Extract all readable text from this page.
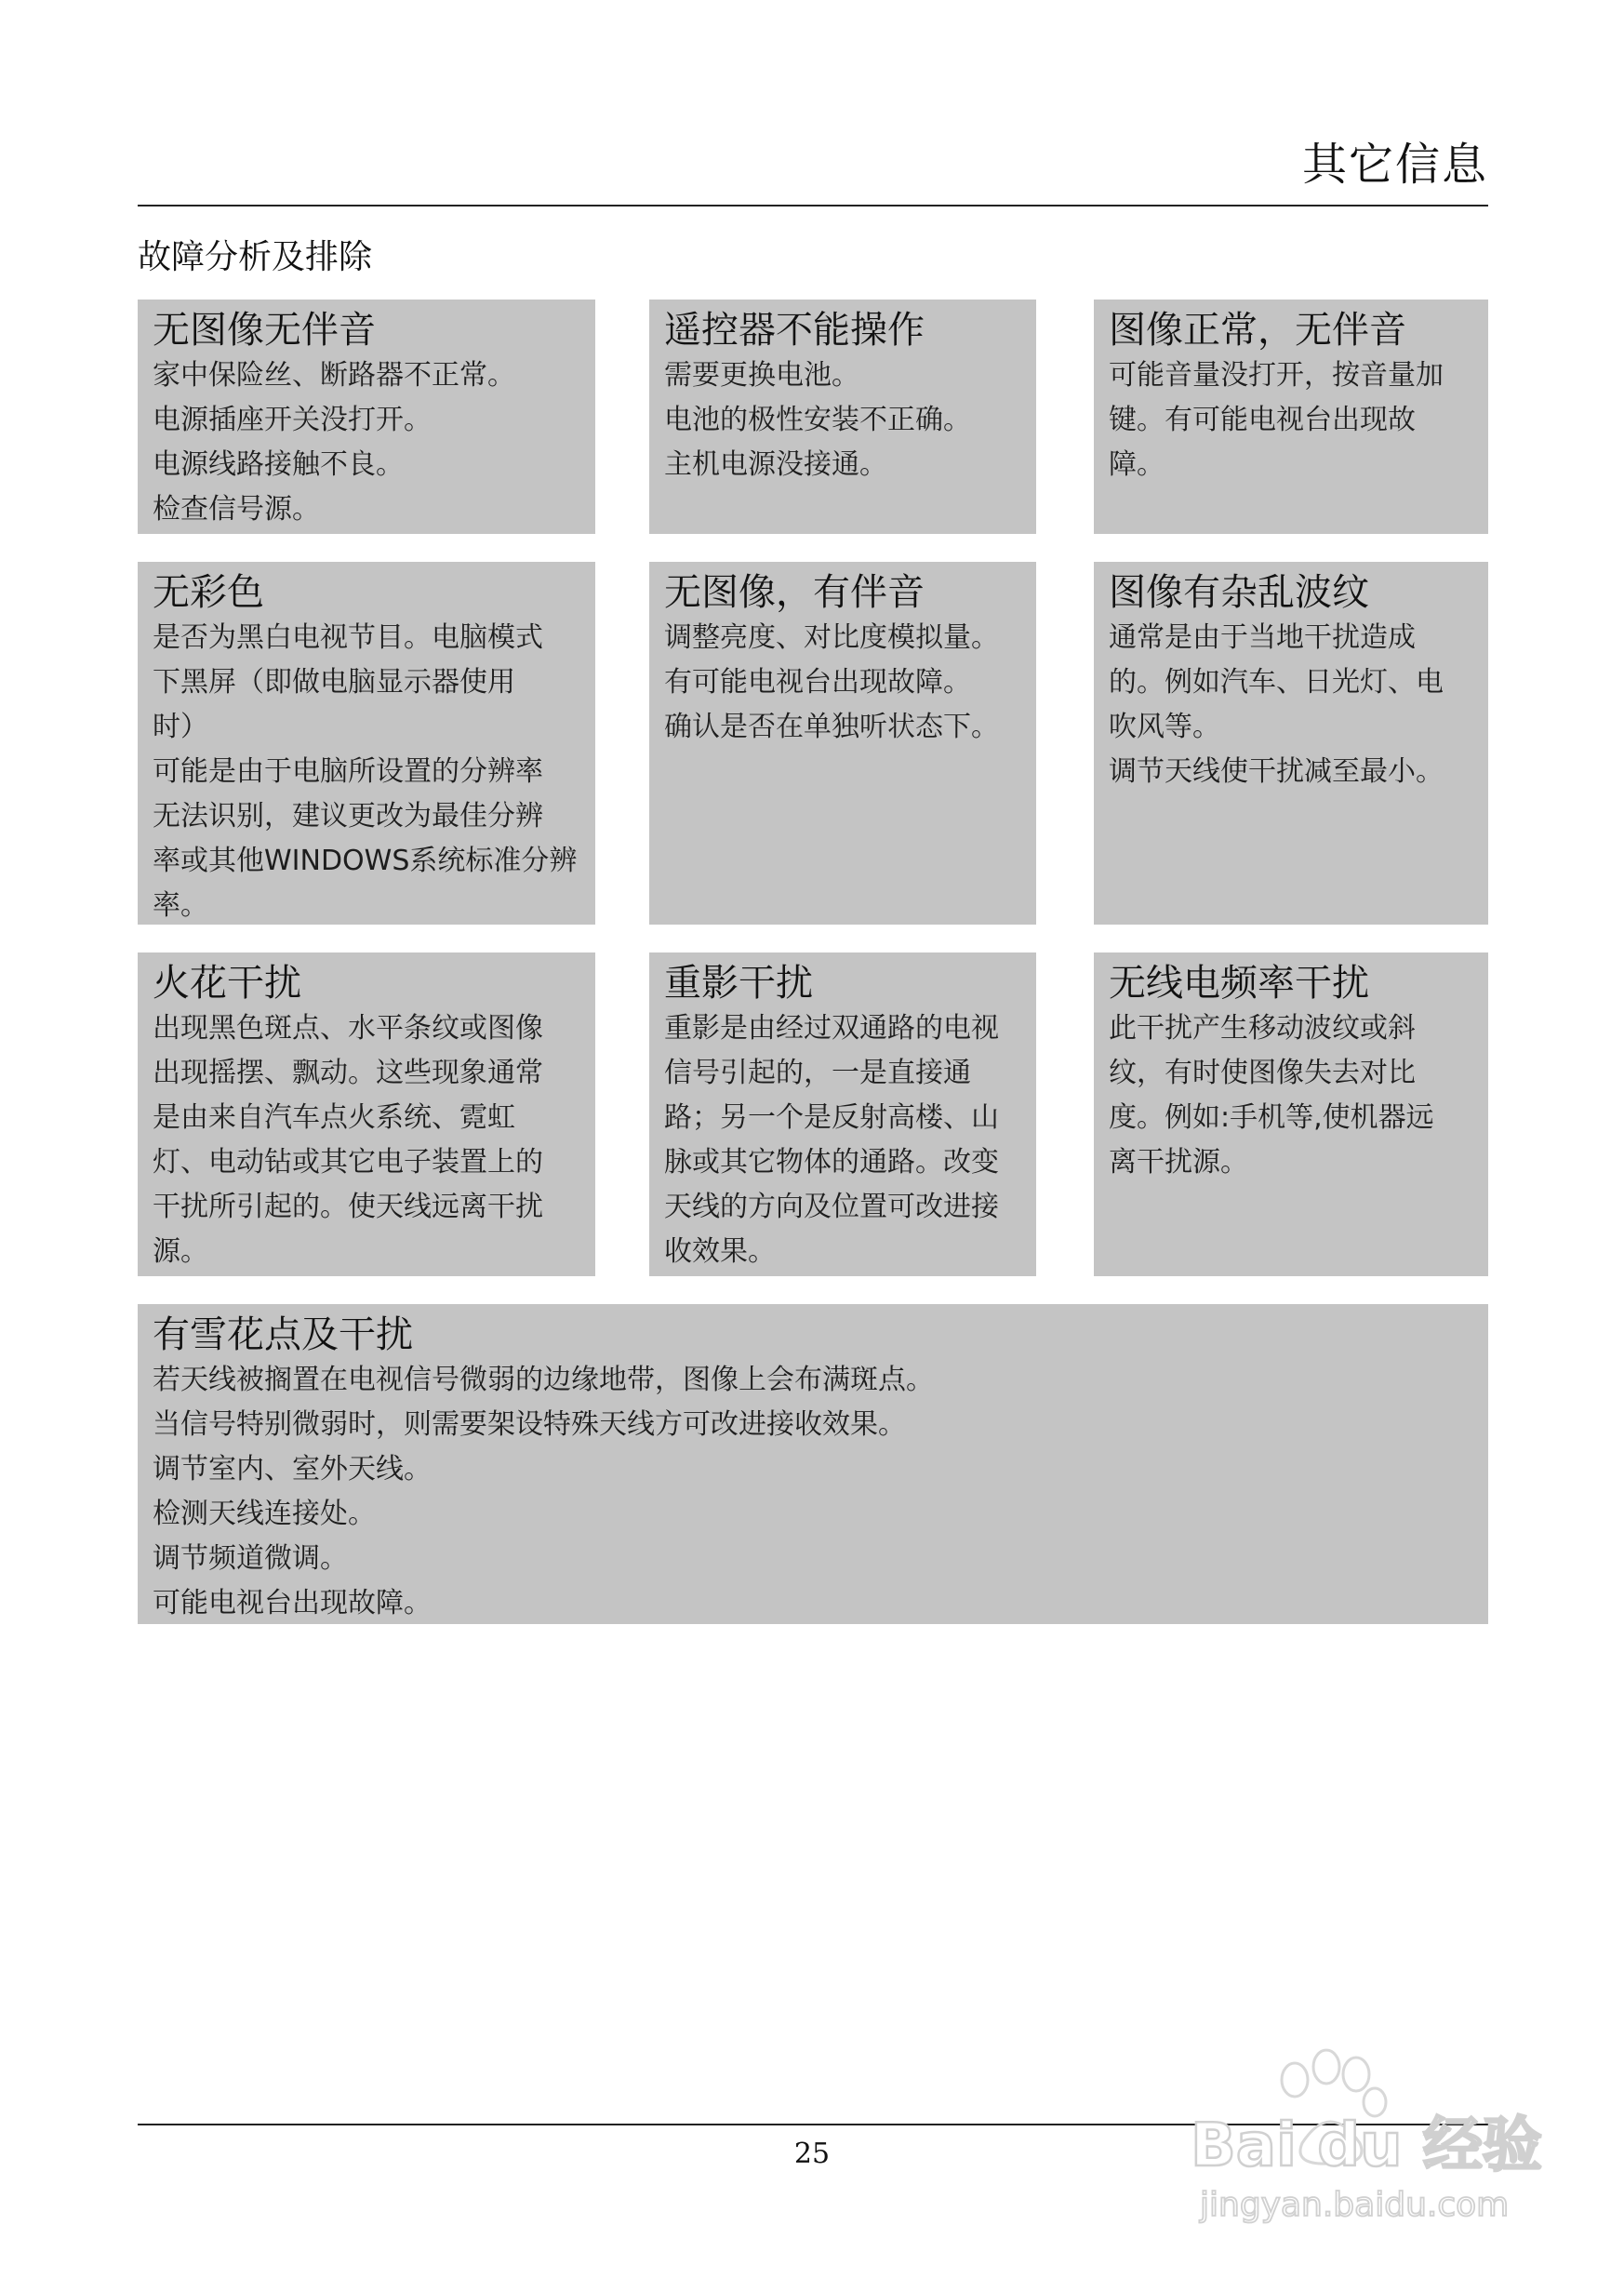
其它信息
故障分析及排除
无图像无伴音
家中保险丝、断路器不正常。
电源插座开关没打开。
电源线路接触不良。
检查信号源。
遥控器不能操作
需要更换电池。
电池的极性安装不正确。
主机电源没接通。
图像正常，无伴音
可能音量没打开，按音量加
键。有可能电视台出现故
障。
无彩色
是否为黑白电视节目。电脑模式
下黑屏（即做电脑显示器使用
时）
可能是由于电脑所设置的分辨率
无法识别，建议更改为最佳分辨
率或其他WINDOWS系统标准分辨
率。
无图像，有伴音
调整亮度、对比度模拟量。
有可能电视台出现故障。
确认是否在单独听状态下。
图像有杂乱波纹
通常是由于当地干扰造成
的。例如汽车、日光灯、电
吹风等。
调节天线使干扰减至最小。
火花干扰
出现黑色斑点、水平条纹或图像
出现摇摆、飘动。这些现象通常
是由来自汽车点火系统、霓虹
灯、电动钻或其它电子装置上的
干扰所引起的。使天线远离干扰
源。
重影干扰
重影是由经过双通路的电视
信号引起的，一是直接通
路；另一个是反射高楼、山
脉或其它物体的通路。改变
天线的方向及位置可改进接
收效果。
无线电频率干扰
此干扰产生移动波纹或斜
纹，有时使图像失去对比
度。例如:手机等,使机器远
离干扰源。
有雪花点及干扰
若天线被搁置在电视信号微弱的边缘地带，图像上会布满斑点。
当信号特别微弱时，则需要架设特殊天线方可改进接收效果。
调节室内、室外天线。
检测天线连接处。
调节频道微调。
可能电视台出现故障。
25	Bai du 经验
jingyan.baidu.com
